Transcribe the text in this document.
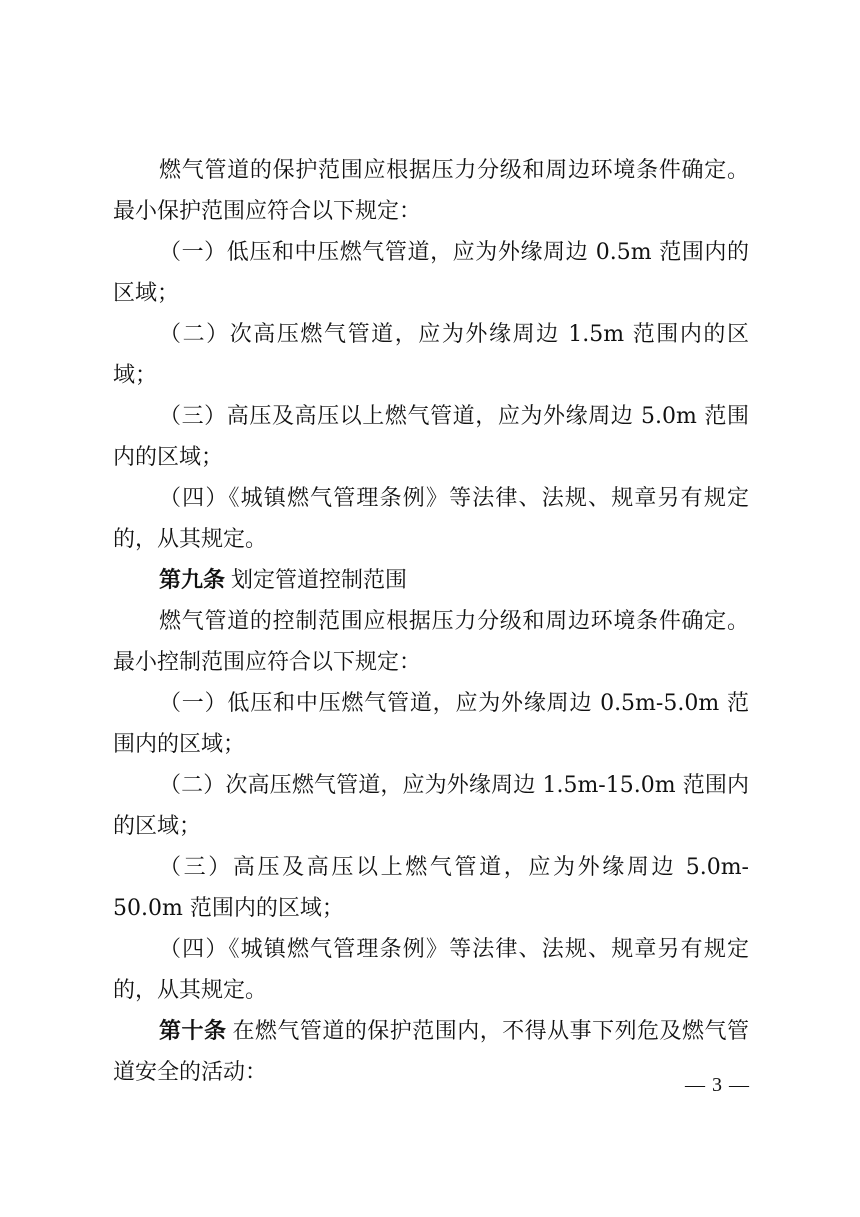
燃气管道的保护范围应根据压力分级和周边环境条件确定。最小保护范围应符合以下规定：

（一）低压和中压燃气管道，应为外缘周边 0.5m 范围内的区域；

（二）次高压燃气管道，应为外缘周边 1.5m 范围内的区域；

（三）高压及高压以上燃气管道，应为外缘周边 5.0m 范围内的区域；

（四）《城镇燃气管理条例》等法律、法规、规章另有规定的，从其规定。

第九条 划定管道控制范围

燃气管道的控制范围应根据压力分级和周边环境条件确定。最小控制范围应符合以下规定：

（一）低压和中压燃气管道，应为外缘周边 0.5m-5.0m 范围内的区域；

（二）次高压燃气管道，应为外缘周边 1.5m-15.0m 范围内的区域；

（三）高压及高压以上燃气管道，应为外缘周边 5.0m-50.0m 范围内的区域；

（四）《城镇燃气管理条例》等法律、法规、规章另有规定的，从其规定。

第十条 在燃气管道的保护范围内，不得从事下列危及燃气管道安全的活动：	— 3 —
